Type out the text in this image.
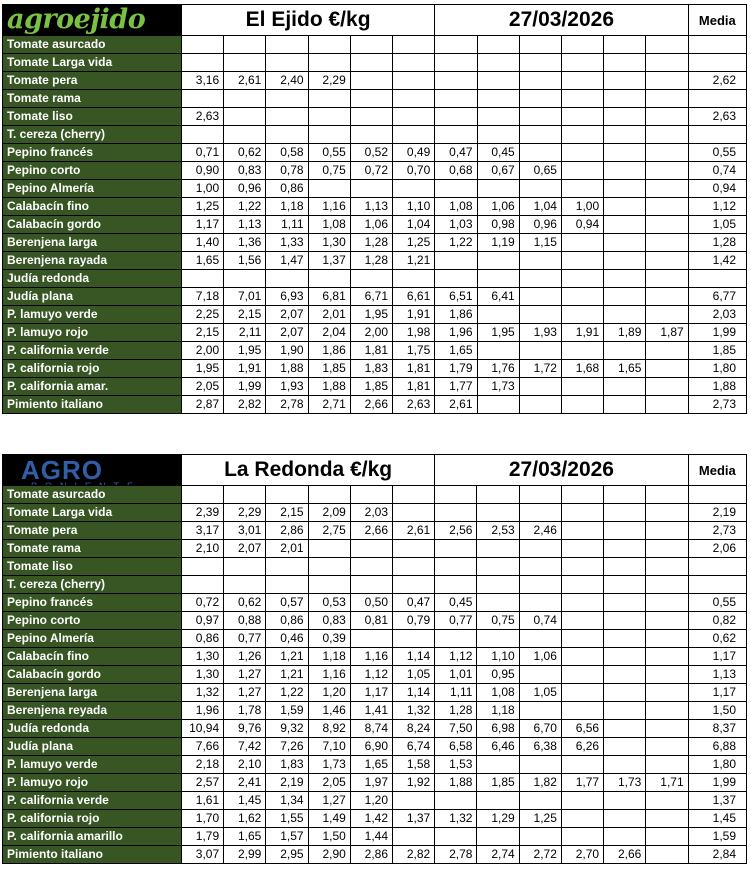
agroejido	El Ejido €/kg						27/03/2026						Media
Tomate asurcado													
Tomate Larga vida													
Tomate pera	3,16	2,61	2,40	2,29									2,62
Tomate rama													
Tomate liso	2,63												2,63
T. cereza (cherry)													
Pepino francés	0,71	0,62	0,58	0,55	0,52	0,49	0,47	0,45					0,55
Pepino corto	0,90	0,83	0,78	0,75	0,72	0,70	0,68	0,67	0,65				0,74
Pepino Almería	1,00	0,96	0,86										0,94
Calabacín fino	1,25	1,22	1,18	1,16	1,13	1,10	1,08	1,06	1,04	1,00			1,12
Calabacín gordo	1,17	1,13	1,11	1,08	1,06	1,04	1,03	0,98	0,96	0,94			1,05
Berenjena larga	1,40	1,36	1,33	1,30	1,28	1,25	1,22	1,19	1,15				1,28
Berenjena rayada	1,65	1,56	1,47	1,37	1,28	1,21							1,42
Judía redonda													
Judía plana	7,18	7,01	6,93	6,81	6,71	6,61	6,51	6,41					6,77
P. lamuyo verde	2,25	2,15	2,07	2,01	1,95	1,91	1,86						2,03
P. lamuyo rojo	2,15	2,11	2,07	2,04	2,00	1,98	1,96	1,95	1,93	1,91	1,89	1,87	1,99
P. california verde	2,00	1,95	1,90	1,86	1,81	1,75	1,65						1,85
P. california rojo	1,95	1,91	1,88	1,85	1,83	1,81	1,79	1,76	1,72	1,68	1,65		1,80
P. california amar.	2,05	1,99	1,93	1,88	1,85	1,81	1,77	1,73					1,88
Pimiento italiano	2,87	2,82	2,78	2,71	2,66	2,63	2,61						2,73
AGRO	La Redonda €/kg						27/03/2026						Media
Tomate asurcado													
Tomate Larga vida	2,39	2,29	2,15	2,09	2,03								2,19
Tomate pera	3,17	3,01	2,86	2,75	2,66	2,61	2,56	2,53	2,46				2,73
Tomate rama	2,10	2,07	2,01										2,06
Tomate liso													
T. cereza (cherry)													
Pepino francés	0,72	0,62	0,57	0,53	0,50	0,47	0,45						0,55
Pepino corto	0,97	0,88	0,86	0,83	0,81	0,79	0,77	0,75	0,74				0,82
Pepino Almería	0,86	0,77	0,46	0,39									0,62
Calabacín fino	1,30	1,26	1,21	1,18	1,16	1,14	1,12	1,10	1,06				1,17
Calabacín gordo	1,30	1,27	1,21	1,16	1,12	1,05	1,01	0,95					1,13
Berenjena larga	1,32	1,27	1,22	1,20	1,17	1,14	1,11	1,08	1,05				1,17
Berenjena reyada	1,96	1,78	1,59	1,46	1,41	1,32	1,28	1,18					1,50
Judía redonda	10,94	9,76	9,32	8,92	8,74	8,24	7,50	6,98	6,70	6,56			8,37
Judía plana	7,66	7,42	7,26	7,10	6,90	6,74	6,58	6,46	6,38	6,26			6,88
P. lamuyo verde	2,18	2,10	1,83	1,73	1,65	1,58	1,53						1,80
P. lamuyo rojo	2,57	2,41	2,19	2,05	1,97	1,92	1,88	1,85	1,82	1,77	1,73	1,71	1,99
P. california verde	1,61	1,45	1,34	1,27	1,20								1,37
P. california rojo	1,70	1,62	1,55	1,49	1,42	1,37	1,32	1,29	1,25				1,45
P. california amarillo	1,79	1,65	1,57	1,50	1,44								1,59
Pimiento italiano	3,07	2,99	2,95	2,90	2,86	2,82	2,78	2,74	2,72	2,70	2,66		2,84
